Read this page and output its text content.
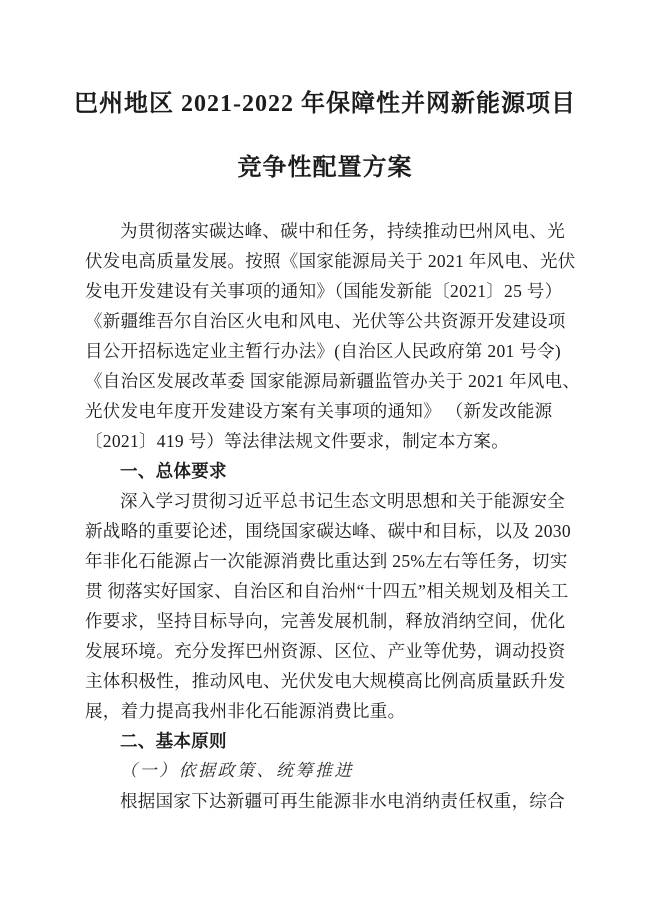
巴州地区 2021-2022 年保障性并网新能源项目
竞争性配置方案
为贯彻落实碳达峰、碳中和任务，持续推动巴州风电、光
伏发电高质量发展。按照《国家能源局关于 2021 年风电、光伏
发电开发建设有关事项的通知》（国能发新能〔2021〕25 号）
《新疆维吾尔自治区火电和风电、光伏等公共资源开发建设项
目公开招标选定业主暂行办法》(自治区人民政府第 201 号令)
《自治区发展改革委 国家能源局新疆监管办关于 2021 年风电、
光伏发电年度开发建设方案有关事项的通知》 （新发改能源
〔2021〕419 号）等法律法规文件要求，制定本方案。
一、总体要求
深入学习贯彻习近平总书记生态文明思想和关于能源安全
新战略的重要论述，围绕国家碳达峰、碳中和目标，以及 2030
年非化石能源占一次能源消费比重达到 25%左右等任务，切实
贯 彻落实好国家、自治区和自治州“十四五”相关规划及相关工
作要求，坚持目标导向，完善发展机制，释放消纳空间，优化
发展环境。充分发挥巴州资源、区位、产业等优势，调动投资
主体积极性，推动风电、光伏发电大规模高比例高质量跃升发
展，着力提高我州非化石能源消费比重。
二、基本原则
（一）依据政策、统筹推进
根据国家下达新疆可再生能源非水电消纳责任权重，综合
